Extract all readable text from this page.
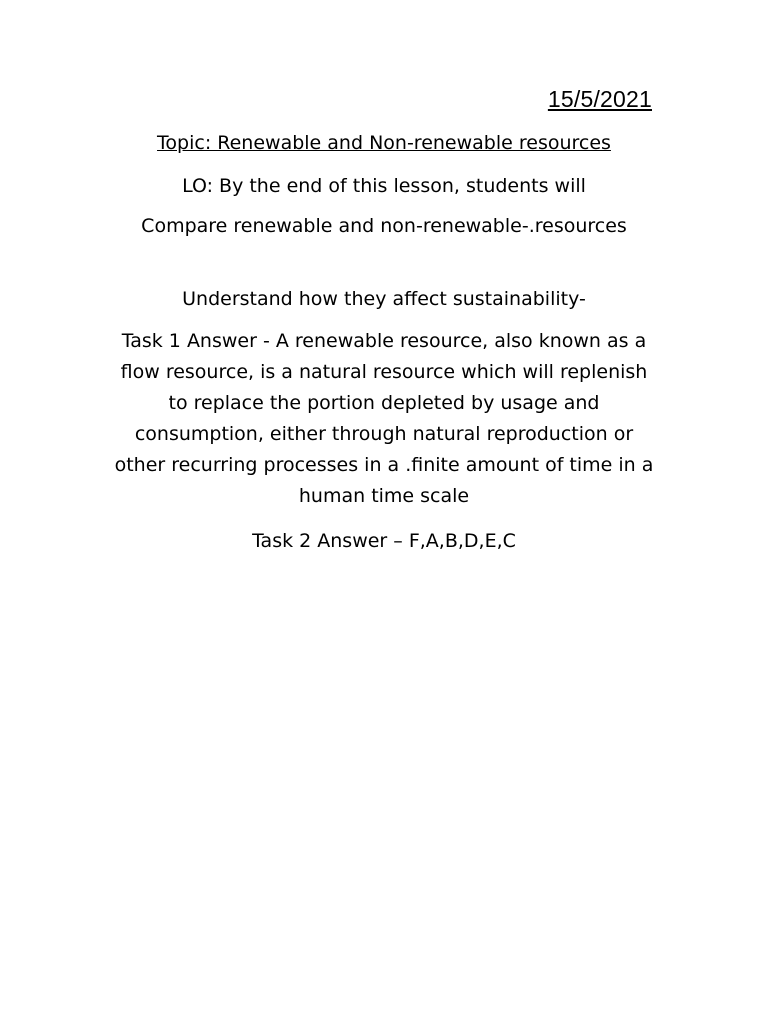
15/5/2021
Topic: Renewable and Non-renewable resources
LO: By the end of this lesson, students will
Compare renewable and non-renewable-.resources
Understand how they affect sustainability-
Task 1 Answer - A renewable resource, also known as a flow resource, is a natural resource which will replenish to replace the portion depleted by usage and consumption, either through natural reproduction or other recurring processes in a .finite amount of time in a human time scale
Task 2 Answer – F,A,B,D,E,C
